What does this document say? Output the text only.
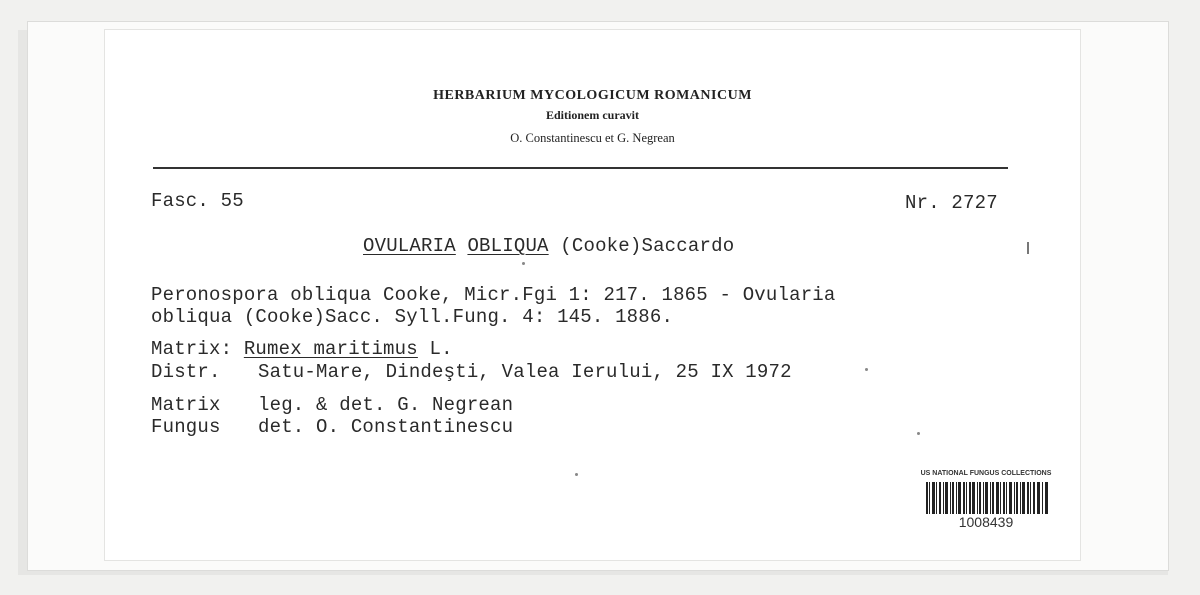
HERBARIUM MYCOLOGICUM ROMANICUM
Editionem curavit
O. Constantinescu et G. Negrean
Fasc. 55	Nr. 2727
OVULARIA OBLIQUA (Cooke)Saccardo
Peronospora obliqua Cooke, Micr.Fgi 1: 217. 1865 - Ovularia
obliqua (Cooke)Sacc. Syll.Fung. 4: 145. 1886.
Matrix: Rumex maritimus L.
Distr. Satu-Mare, Dindeşti, Valea Ierului, 25 IX 1972
Matrix leg. & det. G. Negrean
Fungus det. O. Constantinescu
US NATIONAL FUNGUS COLLECTIONS
1008439
